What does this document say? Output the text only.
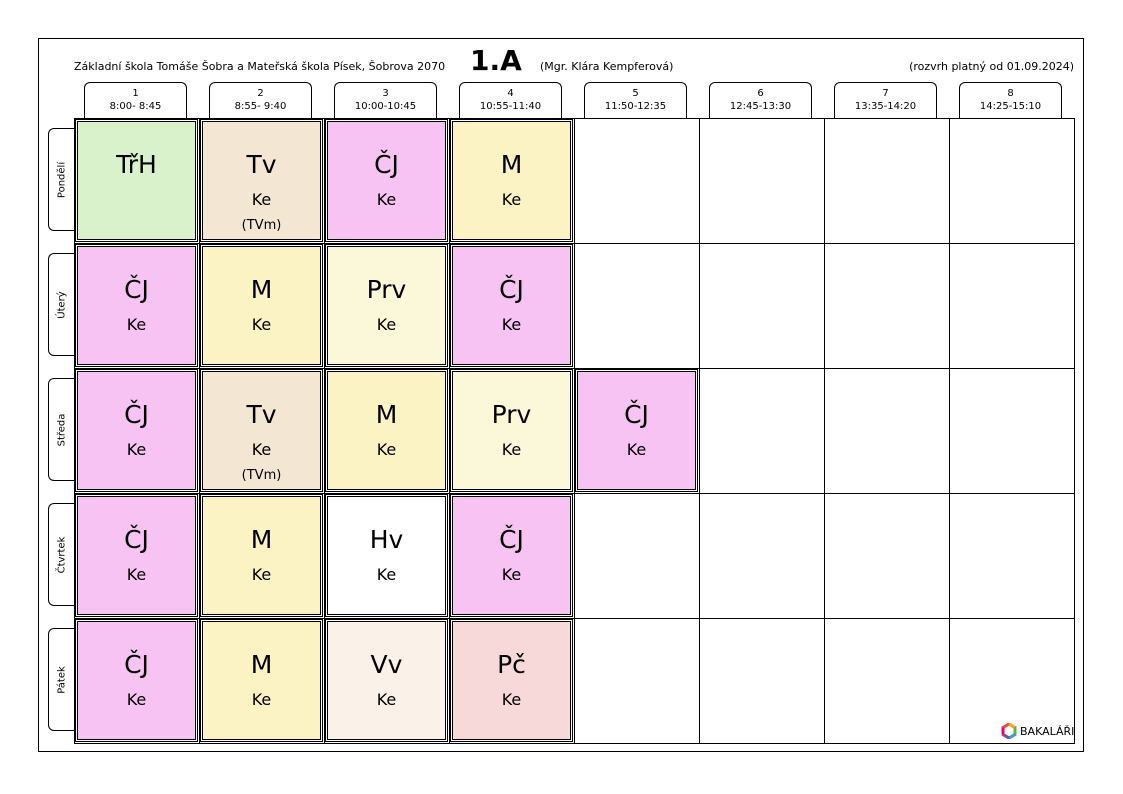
Základní škola Tomáše Šobra a Mateřská škola Písek, Šobrova 2070 1.A (Mgr. Klára Kempferová)	(rozvrh platný od 01.09.2024)
1
8:00- 8:45
2
8:55- 9:40
3
10:00-10:45
4
10:55-11:40
5
11:50-12:35
6
12:45-13:30
7
13:35-14:20
8
14:25-15:10
Pondělí
Úterý
Středa
Čtvrtek
Pátek
TřH	Tv
Ke
(TVm)
ČJ
Ke
M
Ke
ČJ
Ke
M
Ke
Prv
Ke
ČJ
Ke
ČJ
Ke
Tv
Ke
(TVm)
M
Ke
Prv
Ke
ČJ
Ke
ČJ
Ke
M
Ke
Hv
Ke
ČJ
Ke
ČJ
Ke
M
Ke
Vv
Ke
Pč
Ke
BAKALÁŘI
